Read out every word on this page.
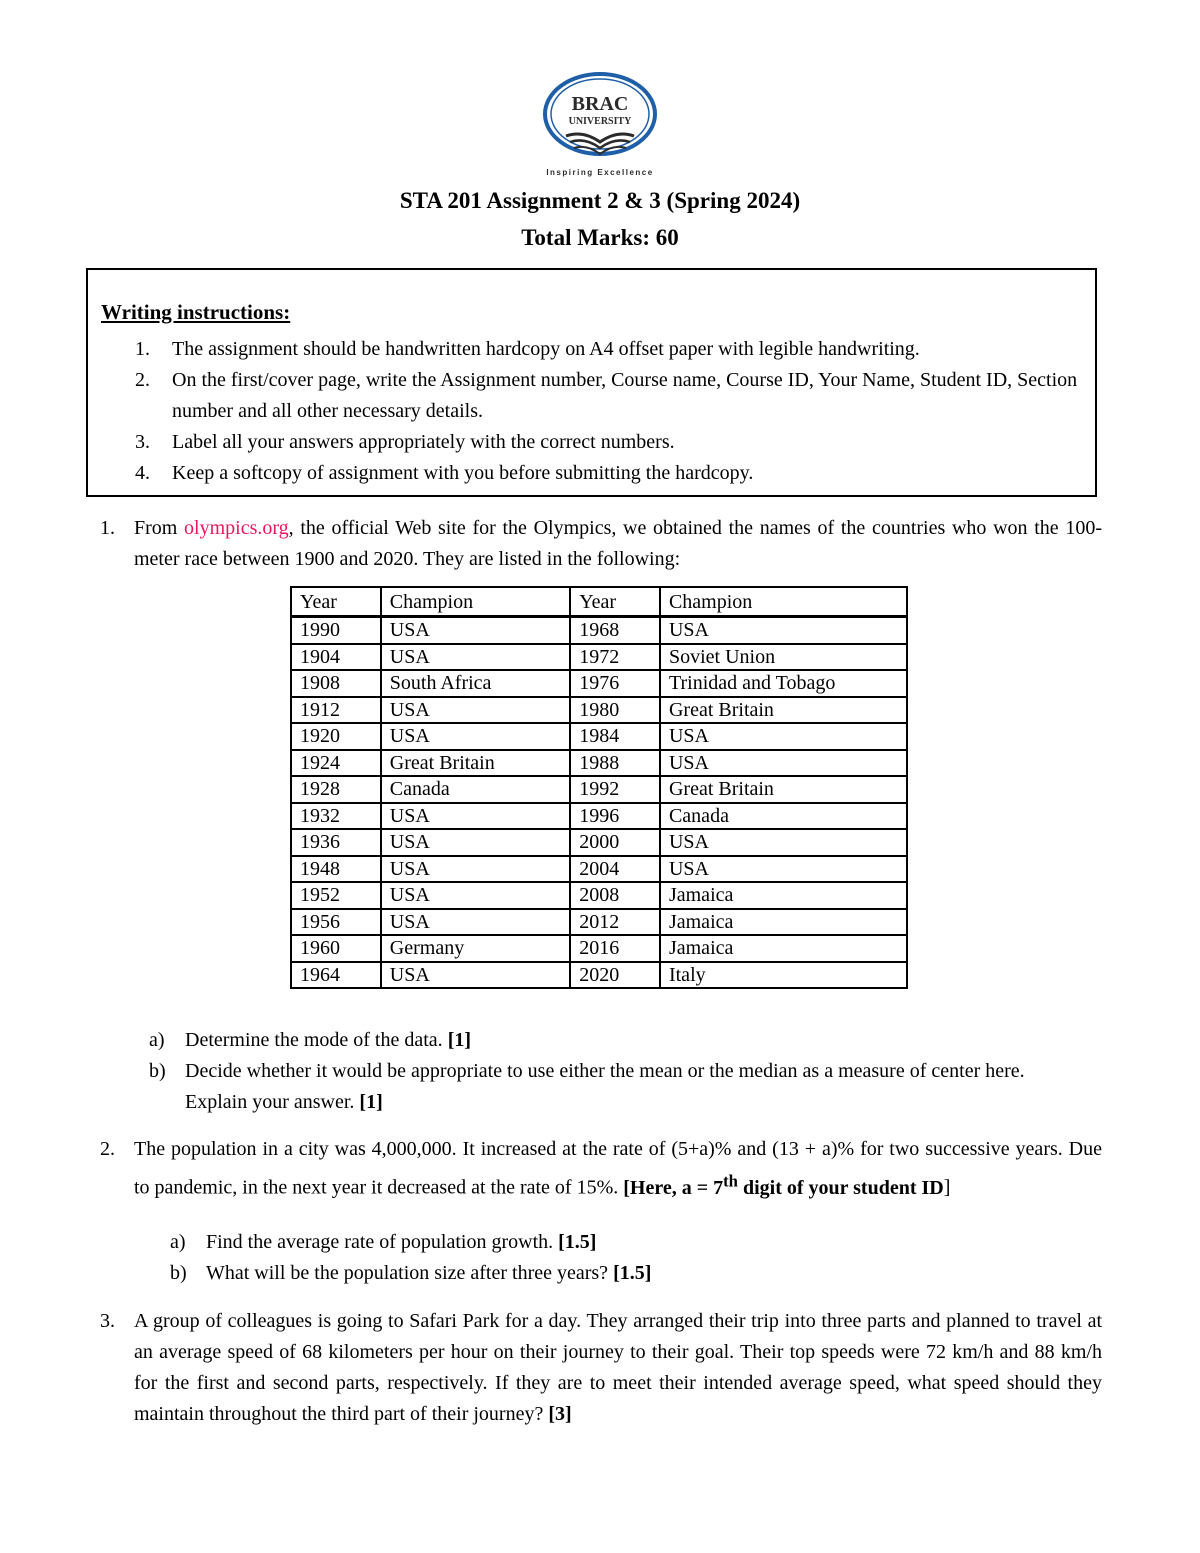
BRAC
UNIVERSITY
Inspiring Excellence
STA 201 Assignment 2 & 3 (Spring 2024)
Total Marks: 60
Writing instructions:
1. The assignment should be handwritten hardcopy on A4 offset paper with legible handwriting.
2. On the first/cover page, write the Assignment number, Course name, Course ID, Your Name, Student ID, Section number and all other necessary details.
3. Label all your answers appropriately with the correct numbers.
4. Keep a softcopy of assignment with you before submitting the hardcopy.
1. From olympics.org, the official Web site for the Olympics, we obtained the names of the countries who won the 100- meter race between 1900 and 2020. They are listed in the following:
Year	Champion	Year	Champion
1990	USA	1968	USA
1904	USA	1972	Soviet Union
1908	South Africa	1976	Trinidad and Tobago
1912	USA	1980	Great Britain
1920	USA	1984	USA
1924	Great Britain	1988	USA
1928	Canada	1992	Great Britain
1932	USA	1996	Canada
1936	USA	2000	USA
1948	USA	2004	USA
1952	USA	2008	Jamaica
1956	USA	2012	Jamaica
1960	Germany	2016	Jamaica
1964	USA	2020	Italy
a) Determine the mode of the data. [1]
b) Decide whether it would be appropriate to use either the mean or the median as a measure of center here. Explain your answer. [1]
2. The population in a city was 4,000,000. It increased at the rate of (5+a)% and (13 + a)% for two successive years. Due to pandemic, in the next year it decreased at the rate of 15%. [Here, a = 7th digit of your student ID]
a) Find the average rate of population growth. [1.5]
b) What will be the population size after three years? [1.5]
3. A group of colleagues is going to Safari Park for a day. They arranged their trip into three parts and planned to travel at an average speed of 68 kilometers per hour on their journey to their goal. Their top speeds were 72 km/h and 88 km/h for the first and second parts, respectively. If they are to meet their intended average speed, what speed should they maintain throughout the third part of their journey? [3]
